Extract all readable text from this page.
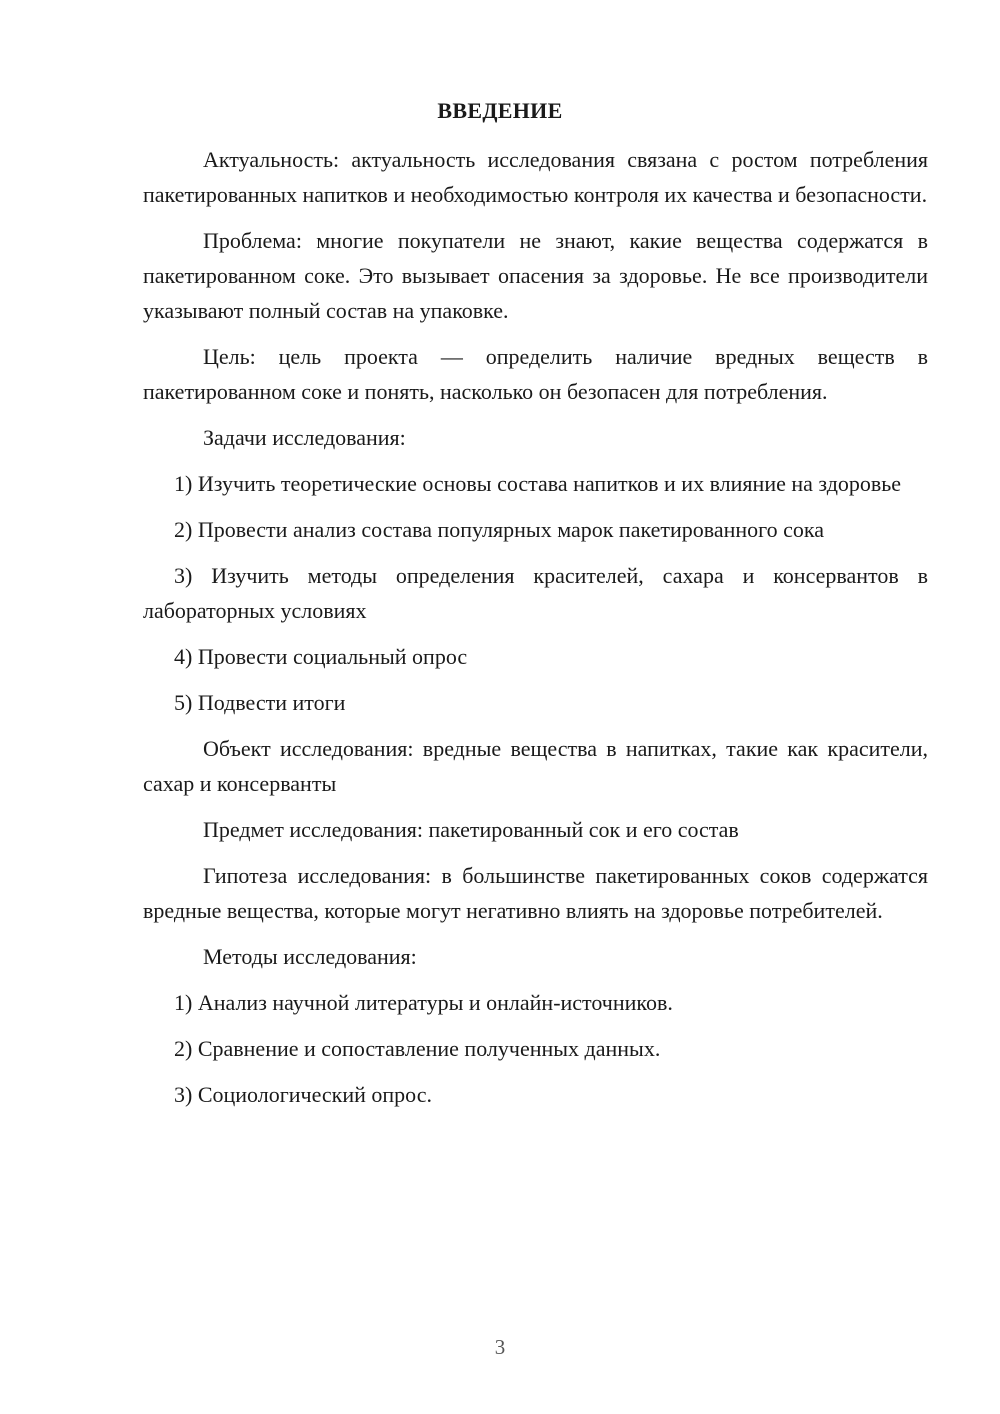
ВВЕДЕНИЕ

Актуальность: актуальность исследования связана с ростом потребления пакетированных напитков и необходимостью контроля их качества и безопасности.

Проблема: многие покупатели не знают, какие вещества содержатся в пакетированном соке. Это вызывает опасения за здоровье. Не все производители указывают полный состав на упаковке.

Цель: цель проекта — определить наличие вредных веществ в пакетированном соке и понять, насколько он безопасен для потребления.

Задачи исследования:

1) Изучить теоретические основы состава напитков и их влияние на здоровье

2) Провести анализ состава популярных марок пакетированного сока

3) Изучить методы определения красителей, сахара и консервантов в лабораторных условиях

4) Провести социальный опрос

5) Подвести итоги

Объект исследования: вредные вещества в напитках, такие как красители, сахар и консерванты

Предмет исследования: пакетированный сок и его состав

Гипотеза исследования: в большинстве пакетированных соков содержатся вредные вещества, которые могут негативно влиять на здоровье потребителей.

Методы исследования:

1) Анализ научной литературы и онлайн-источников.

2) Сравнение и сопоставление полученных данных.

3) Социологический опрос.

3
